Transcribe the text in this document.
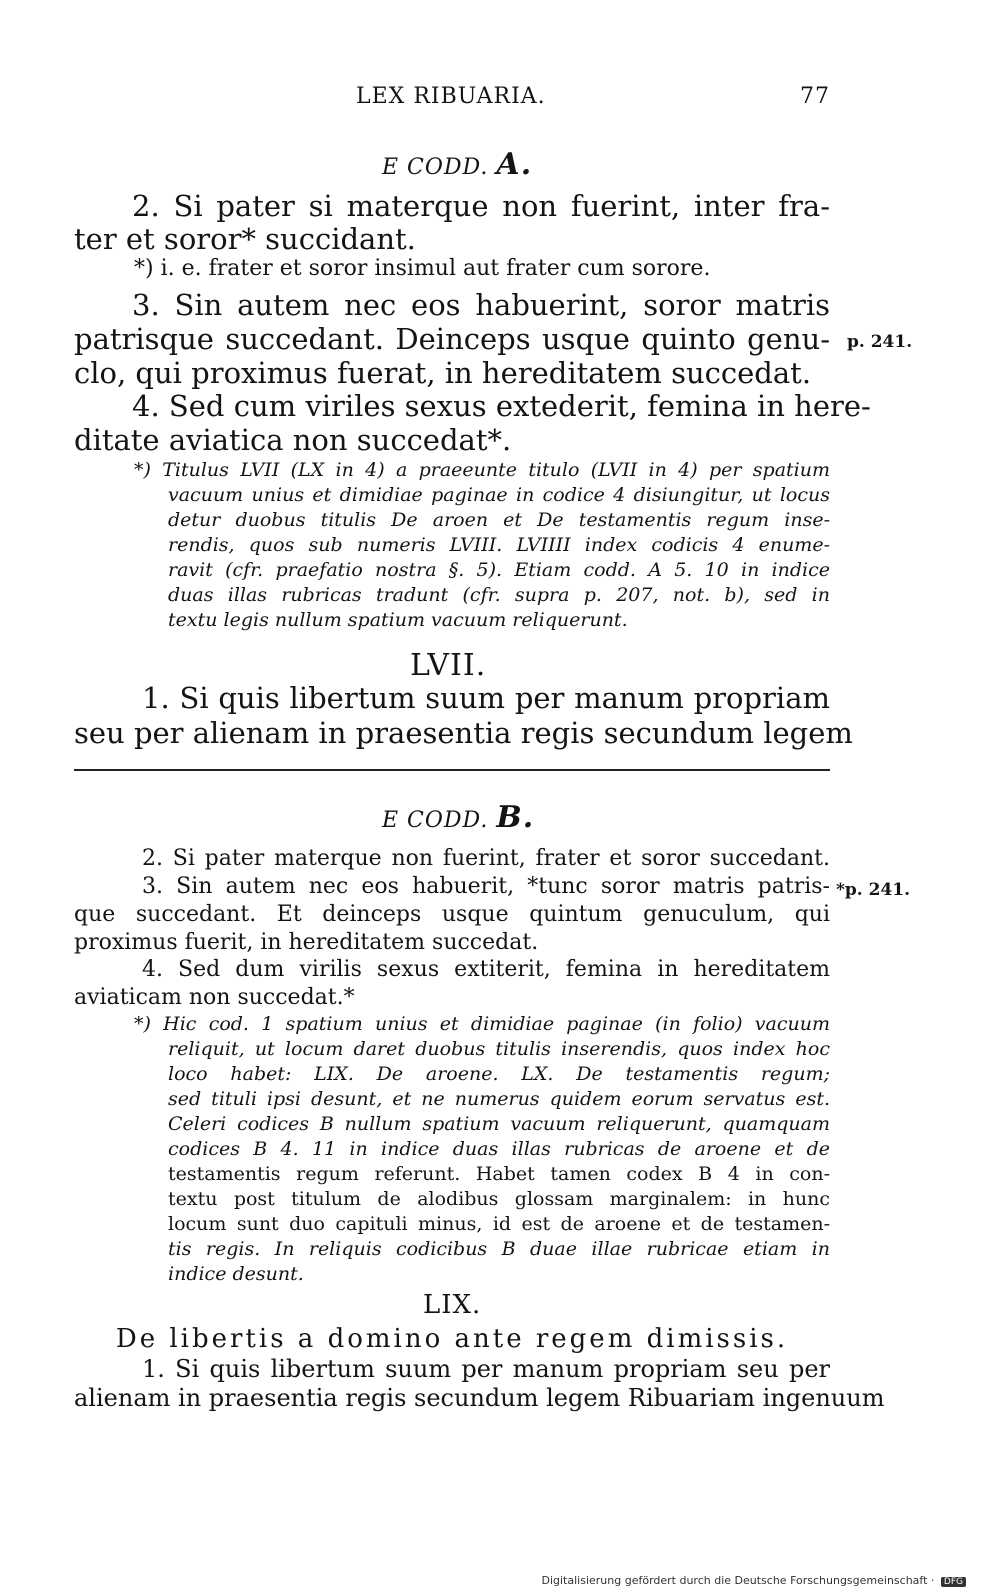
LEX RIBUARIA.	77
E CODD. A.
2. Si pater si materque non fuerint, inter fra-
ter et soror* succidant.
*) i. e. frater et soror insimul aut frater cum sorore.
3. Sin autem nec eos habuerint, soror matris
patrisque succedant. Deinceps usque quinto genu- p. 241.
clo, qui proximus fuerat, in hereditatem succedat.
4. Sed cum viriles sexus extederit, femina in here-
ditate aviatica non succedat*.
*) Titulus LVII (LX in 4) a praeeunte titulo (LVII in 4) per spatium
vacuum unius et dimidiae paginae in codice 4 disiungitur, ut locus
detur duobus titulis De aroen et De testamentis regum inse-
rendis, quos sub numeris LVIII. LVIIII index codicis 4 enume-
ravit (cfr. praefatio nostra §. 5). Etiam codd. A 5. 10 in indice
duas illas rubricas tradunt (cfr. supra p. 207, not. b), sed in
textu legis nullum spatium vacuum reliquerunt.
LVII.
1. Si quis libertum suum per manum propriam
seu per alienam in praesentia regis secundum legem
E CODD. B.
2. Si pater materque non fuerint, frater et soror succedant.
3. Sin autem nec eos habuerit, *tunc soror matris patris- *p. 241.
que succedant. Et deinceps usque quintum genuculum, qui
proximus fuerit, in hereditatem succedat.
4. Sed dum virilis sexus extiterit, femina in hereditatem
aviaticam non succedat.*
*) Hic cod. 1 spatium unius et dimidiae paginae (in folio) vacuum
reliquit, ut locum daret duobus titulis inserendis, quos index hoc
loco habet: LIX. De aroene. LX. De testamentis regum;
sed tituli ipsi desunt, et ne numerus quidem eorum servatus est.
Celeri codices B nullum spatium vacuum reliquerunt, quamquam
codices B 4. 11 in indice duas illas rubricas de aroene et de
testamentis regum referunt. Habet tamen codex B 4 in con-
textu post titulum de alodibus glossam marginalem: in hunc
locum sunt duo capituli minus, id est de aroene et de testamen-
tis regis. In reliquis codicibus B duae illae rubricae etiam in
indice desunt.
LIX.
De libertis a domino ante regem dimissis.
1. Si quis libertum suum per manum propriam seu per
alienam in praesentia regis secundum legem Ribuariam ingenuum
Digitalisierung gefördert durch die Deutsche Forschungsgemeinschaft · DFG
